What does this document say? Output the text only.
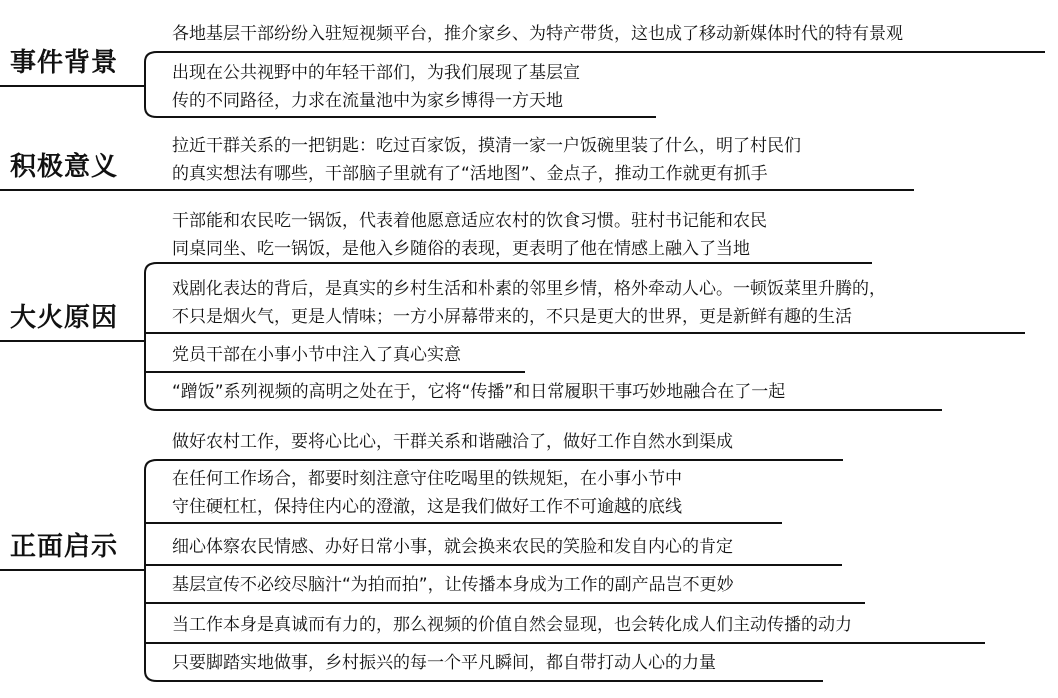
事件背景
积极意义
大火原因
正面启示
各地基层干部纷纷入驻短视频平台，推介家乡、为特产带货，这也成了移动新媒体时代的特有景观
出现在公共视野中的年轻干部们，为我们展现了基层宣
传的不同路径，力求在流量池中为家乡博得一方天地
拉近干群关系的一把钥匙：吃过百家饭，摸清一家一户饭碗里装了什么，明了村民们
的真实想法有哪些，干部脑子里就有了“活地图”、金点子，推动工作就更有抓手
干部能和农民吃一锅饭，代表着他愿意适应农村的饮食习惯。驻村书记能和农民
同桌同坐、吃一锅饭，是他入乡随俗的表现，更表明了他在情感上融入了当地
戏剧化表达的背后，是真实的乡村生活和朴素的邻里乡情，格外牵动人心。一顿饭菜里升腾的，
不只是烟火气，更是人情味；一方小屏幕带来的，不只是更大的世界，更是新鲜有趣的生活
党员干部在小事小节中注入了真心实意
“蹭饭”系列视频的高明之处在于，它将“传播”和日常履职干事巧妙地融合在了一起
做好农村工作，要将心比心，干群关系和谐融洽了，做好工作自然水到渠成
在任何工作场合，都要时刻注意守住吃喝里的铁规矩，在小事小节中
守住硬杠杠，保持住内心的澄澈，这是我们做好工作不可逾越的底线
细心体察农民情感、办好日常小事，就会换来农民的笑脸和发自内心的肯定
基层宣传不必绞尽脑汁“为拍而拍”，让传播本身成为工作的副产品岂不更妙
当工作本身是真诚而有力的，那么视频的价值自然会显现，也会转化成人们主动传播的动力
只要脚踏实地做事，乡村振兴的每一个平凡瞬间，都自带打动人心的力量
